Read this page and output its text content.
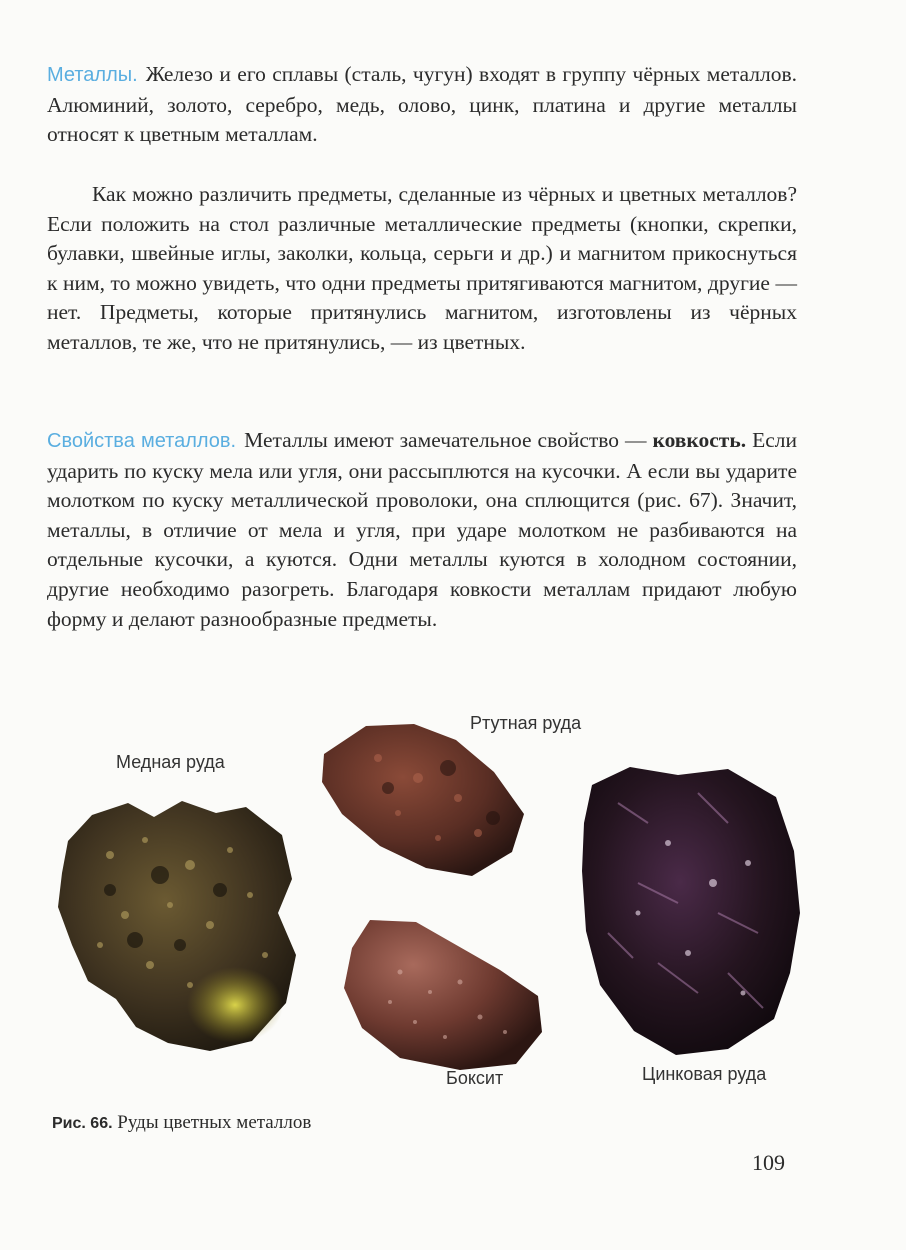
Металлы. Железо и его сплавы (сталь, чугун) входят в группу чёрных металлов. Алюминий, золото, серебро, медь, олово, цинк, платина и другие металлы относят к цветным металлам.

Как можно различить предметы, сделанные из чёрных и цветных металлов? Если положить на стол различные металлические предметы (кнопки, скрепки, булавки, швейные иглы, заколки, кольца, серьги и др.) и магнитом прикоснуться к ним, то можно увидеть, что одни предметы притягиваются магнитом, другие — нет. Предметы, которые притянулись магнитом, изготовлены из чёрных металлов, те же, что не притянулись, — из цветных.

Свойства металлов. Металлы имеют замечательное свойство — ковкость. Если ударить по куску мела или угля, они рассыплются на кусочки. А если вы ударите молотком по куску металлической проволоки, она сплющится (рис. 67). Значит, металлы, в отличие от мела и угля, при ударе молотком не разбиваются на отдельные кусочки, а куются. Одни металлы куются в холодном состоянии, другие необходимо разогреть. Благодаря ковкости металлам придают любую форму и делают разнообразные предметы.

Медная руда
Ртутная руда
Боксит	Цинковая руда
Рис. 66. Руды цветных металлов
109
